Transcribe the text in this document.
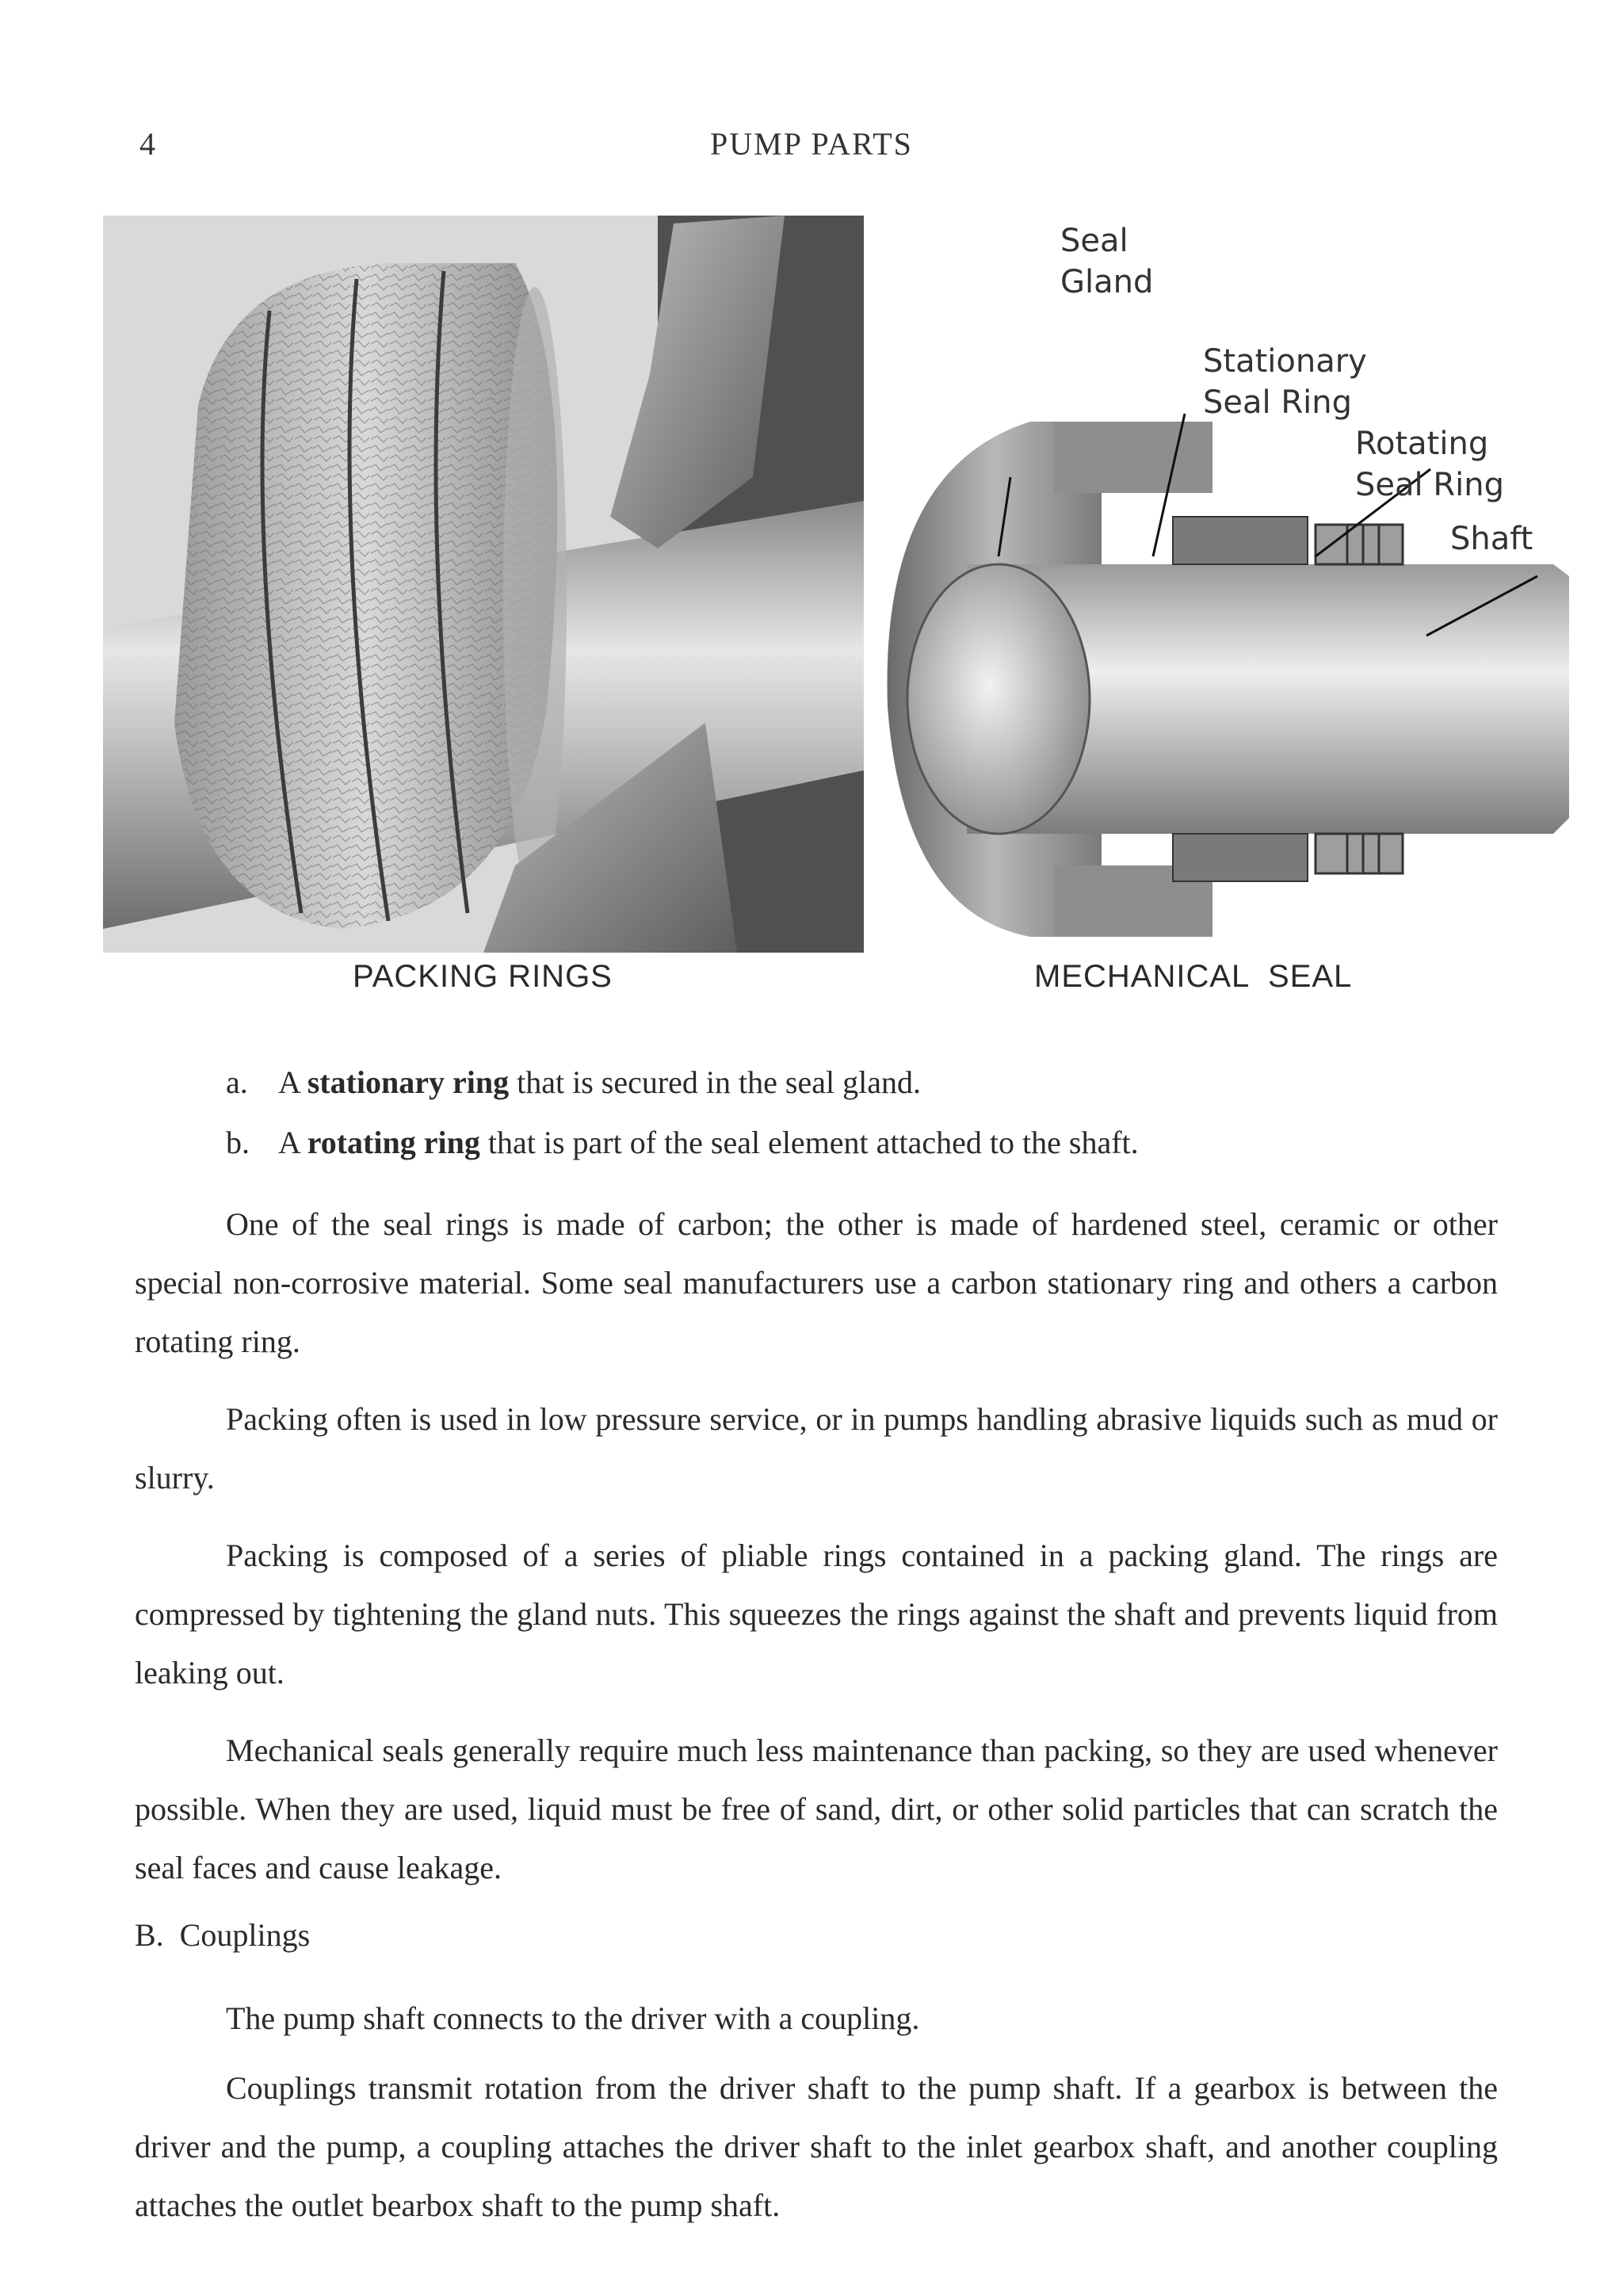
4	PUMP PARTS
Seal
Gland
Stationary
Seal Ring
Rotating
Seal Ring
Shaft
PACKING RINGS	MECHANICAL  SEAL
a. A stationary ring that is secured in the seal gland.
b. A rotating ring that is part of the seal element attached to the shaft.

One of the seal rings is made of carbon; the other is made of hardened steel, ceramic or other special non-corrosive material. Some seal manufacturers use a carbon stationary ring and others a carbon rotating ring.

Packing often is used in low pressure service, or in pumps handling abrasive liquids such as mud or slurry.

Packing is composed of a series of pliable rings contained in a packing gland. The rings are compressed by tightening the gland nuts. This squeezes the rings against the shaft and prevents liquid from leaking out.

Mechanical seals generally require much less maintenance than packing, so they are used whenever possible. When they are used, liquid must be free of sand, dirt, or other solid particles that can scratch the seal faces and cause leakage.

B.  Couplings

The pump shaft connects to the driver with a coupling.

Couplings transmit rotation from the driver shaft to the pump shaft. If a gearbox is between the driver and the pump, a coupling attaches the driver shaft to the inlet gearbox shaft, and another coupling attaches the outlet bearbox shaft to the pump shaft.
